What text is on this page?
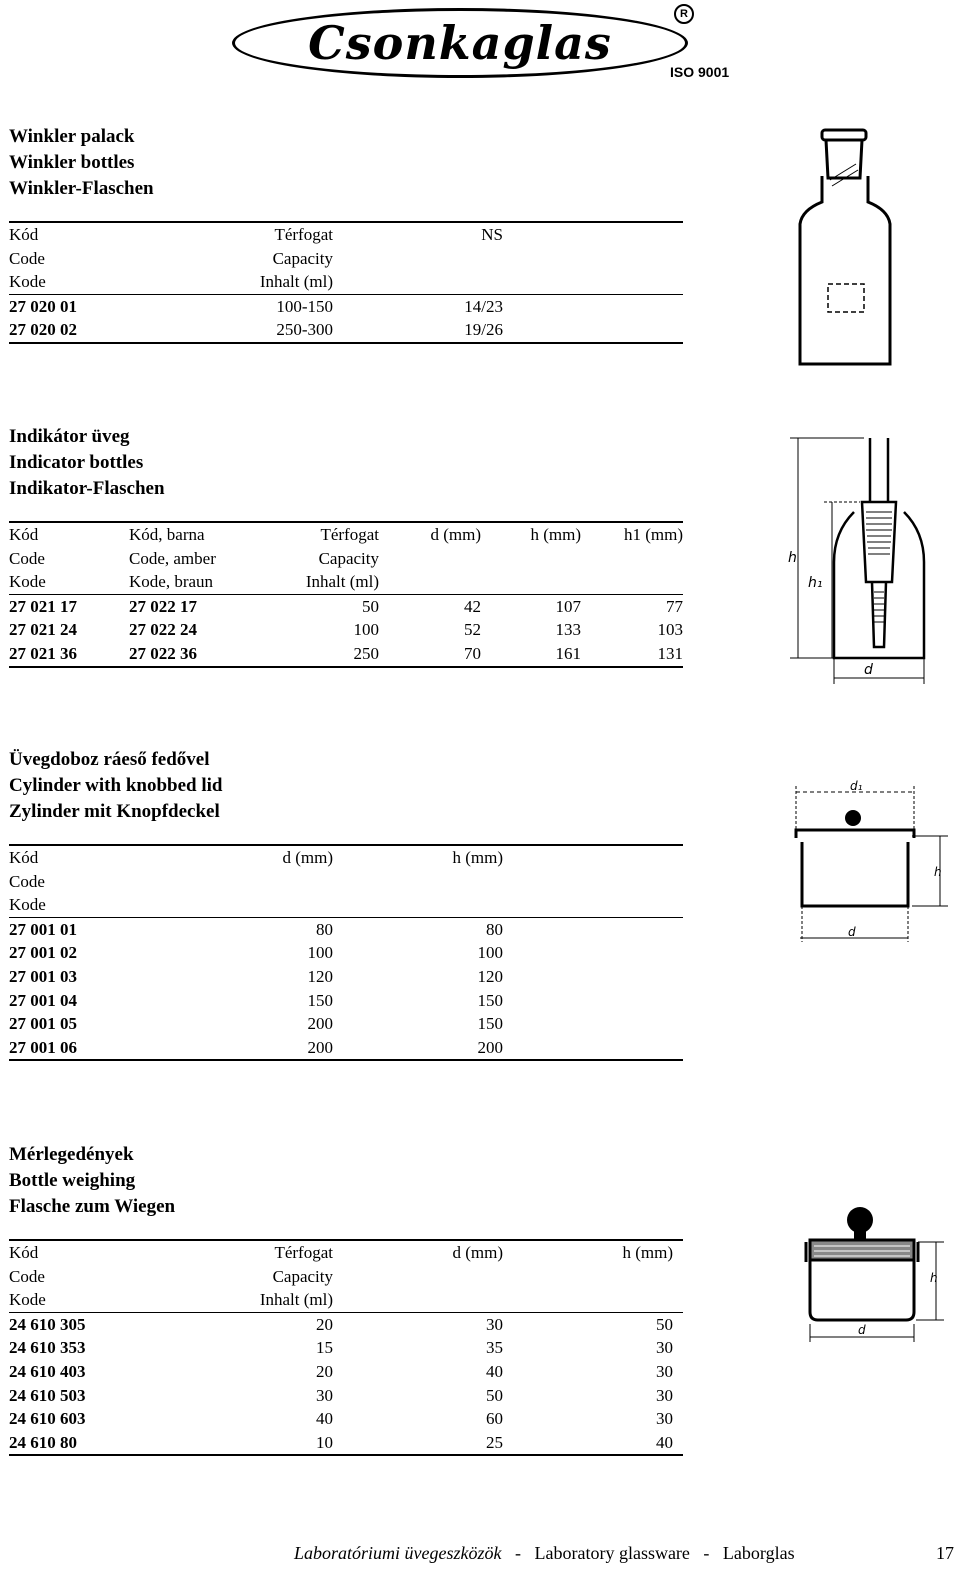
Csonkaglas
R
ISO 9001
Winkler palack
Winkler bottles
Winkler-Flaschen
Kód	Térfogat	NS	
Code	Capacity		
Kode	Inhalt (ml)		
27 020 01	100-150	14/23	
27 020 02	250-300	19/26	
Indikátor üveg
Indicator bottles
Indikator-Flaschen
Kód	Kód, barna	Térfogat	d (mm)	h (mm)	h1 (mm)
Code	Code, amber	Capacity			
Kode	Kode, braun	Inhalt (ml)			
27 021 17	27 022 17	50	42	107	77
27 021 24	27 022 24	100	52	133	103
27 021 36	27 022 36	250	70	161	131
h
h₁
d
Üvegdoboz ráeső fedővel
Cylinder with knobbed lid
Zylinder mit Knopfdeckel
Kód	d (mm)	h (mm)	
Code			
Kode			
27 001 01	80	80	
27 001 02	100	100	
27 001 03	120	120	
27 001 04	150	150	
27 001 05	200	150	
27 001 06	200	200	
d₁
h
d
Mérlegedények
Bottle weighing
Flasche zum Wiegen
Kód	Térfogat	d (mm)	h (mm)	
Code	Capacity			
Kode	Inhalt (ml)			
24 610 305	20	30	50	
24 610 353	15	35	30	
24 610 403	20	40	30	
24 610 503	30	50	30	
24 610 603	40	60	30	
24 610 80	10	25	40	
h
d
Laboratóriumi üvegeszközök - Laboratory glassware - Laborglas	17
